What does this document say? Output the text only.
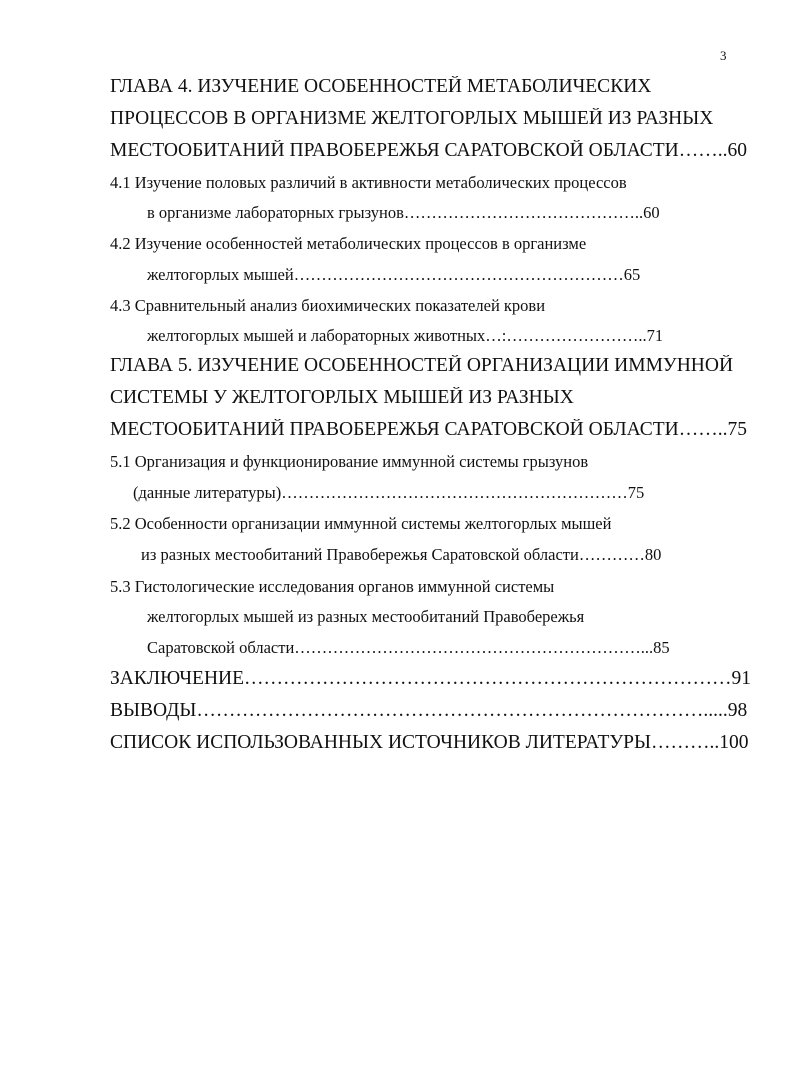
3
ГЛАВА 4. ИЗУЧЕНИЕ ОСОБЕННОСТЕЙ МЕТАБОЛИЧЕСКИХ
ПРОЦЕССОВ В ОРГАНИЗМЕ ЖЕЛТОГОРЛЫХ МЫШЕЙ ИЗ РАЗНЫХ
МЕСТООБИТАНИЙ ПРАВОБЕРЕЖЬЯ САРАТОВСКОЙ ОБЛАСТИ……..60
4.1 Изучение половых различий в активности метаболических процессов
в организме лабораторных грызунов……………………………………..60
4.2 Изучение особенностей метаболических процессов в организме
желтогорлых мышей……………………………………………………65
4.3 Сравнительный анализ биохимических показателей крови
желтогорлых мышей и лабораторных животных…:……………………..71
ГЛАВА 5. ИЗУЧЕНИЕ ОСОБЕННОСТЕЙ ОРГАНИЗАЦИИ ИММУННОЙ
СИСТЕМЫ У ЖЕЛТОГОРЛЫХ МЫШЕЙ ИЗ РАЗНЫХ
МЕСТООБИТАНИЙ ПРАВОБЕРЕЖЬЯ САРАТОВСКОЙ ОБЛАСТИ……..75
5.1 Организация и функционирование иммунной системы грызунов
(данные литературы)………………………………………………………75
5.2 Особенности организации иммунной системы желтогорлых мышей
из разных местообитаний Правобережья Саратовской области…………80
5.3 Гистологические исследования органов иммунной системы
желтогорлых мышей из разных местообитаний Правобережья
Саратовской области………………………………………………………...85
ЗАКЛЮЧЕНИЕ…………………………………………………………………91
ВЫВОДЫ…………………………………………………………………….....98
СПИСОК ИСПОЛЬЗОВАННЫХ ИСТОЧНИКОВ ЛИТЕРАТУРЫ………..100
